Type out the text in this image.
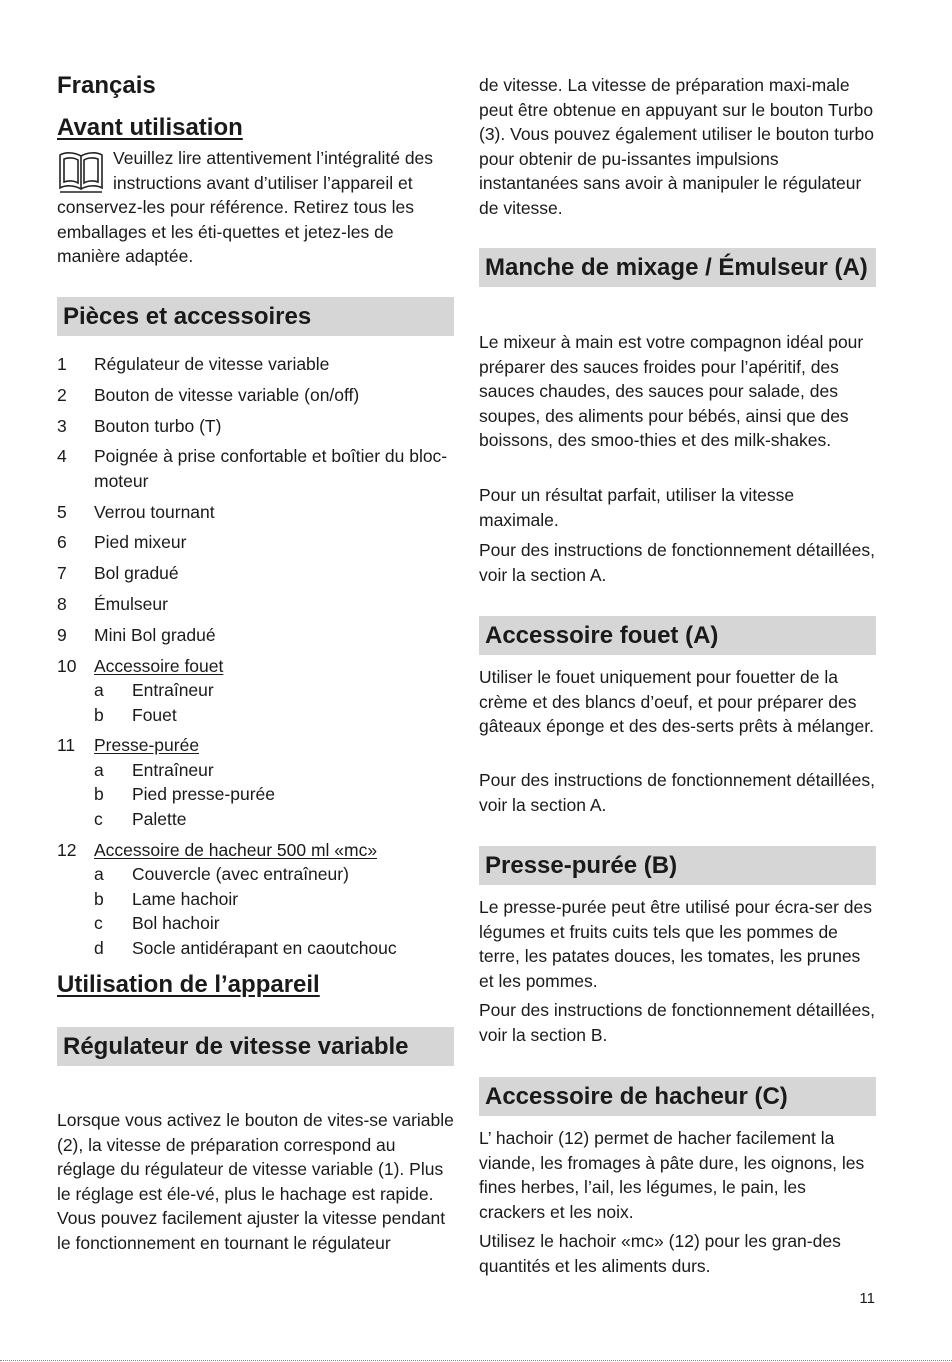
Français
Avant utilisation
Veuillez lire attentivement l’intégralité des instructions avant d’utiliser l’appareil et conservez-les pour référence. Retirez tous les emballages et les éti-quettes et jetez-les de manière adaptée.
Pièces et accessoires
1 Régulateur de vitesse variable
2 Bouton de vitesse variable (on/off)
3 Bouton turbo (T)
4 Poignée à prise confortable et boîtier du bloc-moteur
5 Verrou tournant
6 Pied mixeur
7 Bol gradué
8 Émulseur
9 Mini Bol gradué
10 Accessoire fouet
a Entraîneur
b Fouet
11 Presse-purée
a Entraîneur
b Pied presse-purée
c Palette
12 Accessoire de hacheur 500 ml «mc»
a Couvercle (avec entraîneur)
b Lame hachoir
c Bol hachoir
d Socle antidérapant en caoutchouc
Utilisation de l’appareil
Régulateur de vitesse variable

Lorsque vous activez le bouton de vites-se variable (2), la vitesse de préparation correspond au réglage du régulateur de vitesse variable (1). Plus le réglage est éle-vé, plus le hachage est rapide. Vous pouvez facilement ajuster la vitesse pendant le fonctionnement en tournant le régulateur

de vitesse. La vitesse de préparation maxi-male peut être obtenue en appuyant sur le bouton Turbo (3). Vous pouvez également utiliser le bouton turbo pour obtenir de pu-issantes impulsions instantanées sans avoir à manipuler le régulateur de vitesse.

Manche de mixage / Émulseur (A)

Le mixeur à main est votre compagnon idéal pour préparer des sauces froides pour l’apéritif, des sauces chaudes, des sauces pour salade, des soupes, des aliments pour bébés, ainsi que des boissons, des smoo-thies et des milk-shakes.

Pour un résultat parfait, utiliser la vitesse maximale.

Pour des instructions de fonctionnement détaillées, voir la section A.

Accessoire fouet (A)

Utiliser le fouet uniquement pour fouetter de la crème et des blancs d’oeuf, et pour préparer des gâteaux éponge et des des-serts prêts à mélanger.

Pour des instructions de fonctionnement détaillées, voir la section A.

Presse-purée (B)

Le presse-purée peut être utilisé pour écra-ser des légumes et fruits cuits tels que les pommes de terre, les patates douces, les tomates, les prunes et les pommes.

Pour des instructions de fonctionnement détaillées, voir la section B.

Accessoire de hacheur (C)

L’ hachoir (12) permet de hacher facilement la viande, les fromages à pâte dure, les oignons, les fines herbes, l’ail, les légumes, le pain, les crackers et les noix.

Utilisez le hachoir «mc» (12) pour les gran-des quantités et les aliments durs.

11
